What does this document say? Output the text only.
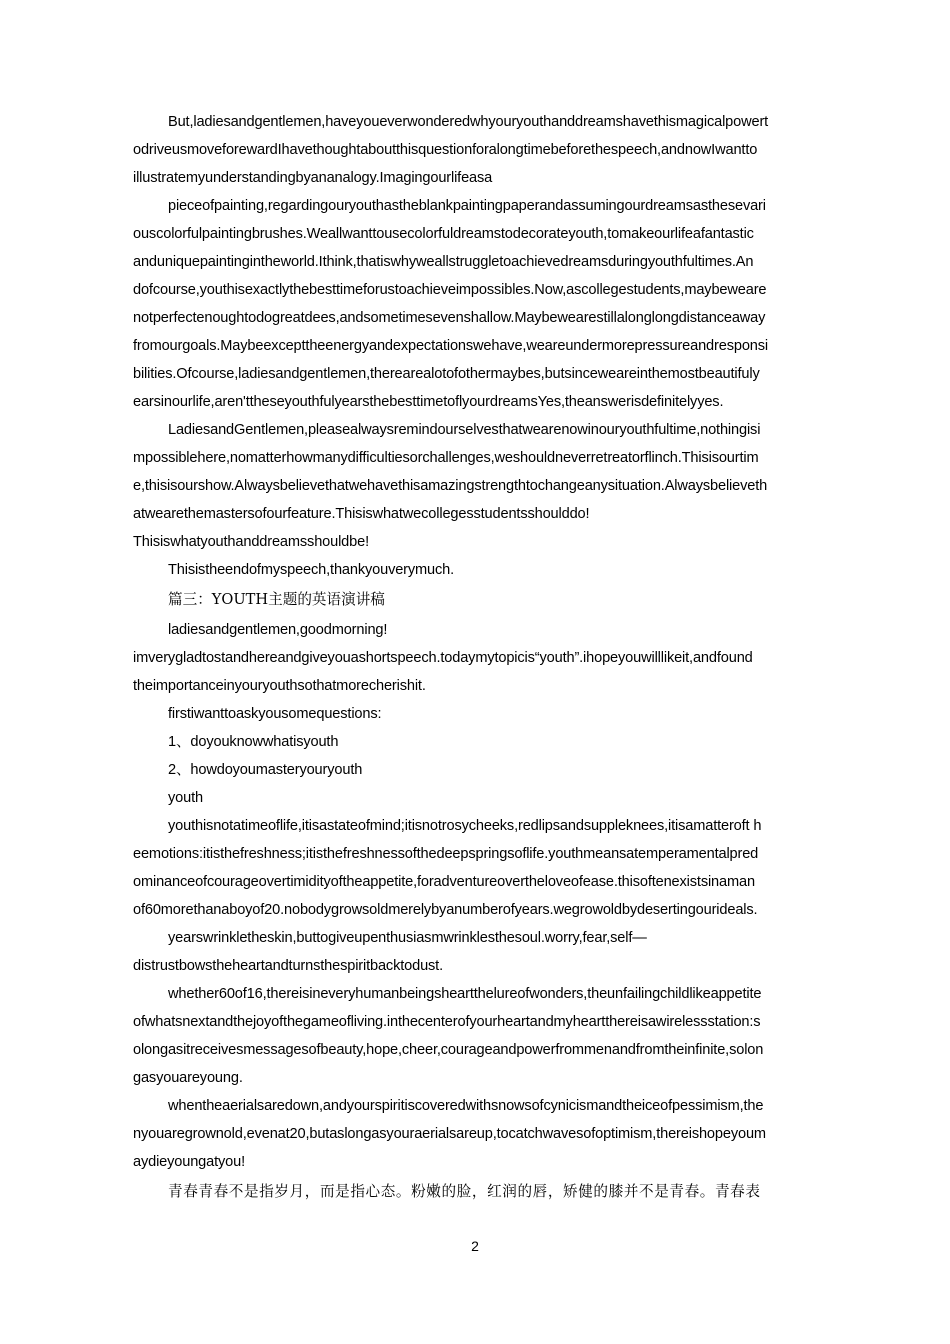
But,ladiesandgentlemen,haveyoueverwonderedwhyouryouthanddreamshavethismagicalpowert
odriveusmoveforewardIhavethoughtaboutthisquestionforalongtimebeforethespeech,andnowIwantto
illustratemyunderstandingbyananalogy.Imagingourlifeasa
pieceofpainting,regardingouryouthastheblankpaintingpaperandassumingourdreamsasthesevari
ouscolorfulpaintingbrushes.Weallwanttousecolorfuldreamstodecorateyouth,tomakeourlifeafantastic
anduniquepaintingintheworld.Ithink,thatiswhyweallstruggletoachievedreamsduringyouthfultimes.An
dofcourse,youthisexactlythebesttimeforustoachieveimpossibles.Now,ascollegestudents,maybeweare
notperfectenoughtodogreatdees,andsometimesevenshallow.Maybewearestillalonglongdistanceaway
fromourgoals.Maybeexcepttheenergyandexpectationswehave,weareundermorepressureandresponsi
bilities.Ofcourse,ladiesandgentlemen,therearealotofothermaybes,butsinceweareinthemostbeautifuly
earsinourlife,aren'ttheseyouthfulyearsthebesttimetoflyourdreamsYes,theanswerisdefinitelyyes.
LadiesandGentlemen,pleasealwaysremindourselvesthatwearenowinouryouthfultime,nothingisi
mpossiblehere,nomatterhowmanydifficultiesorchallenges,weshouldneverretreatorflinch.Thisisourtim
e,thisisourshow.Alwaysbelievethatwehavethisamazingstrengthtochangeanysituation.Alwaysbelieveth
atwearethemastersofourfeature.Thisiswhatwecollegesstudentsshoulddo!
Thisiswhatyouthanddreamsshouldbe!
Thisistheendofmyspeech,thankyouverymuch.
篇三：YOUTH主题的英语演讲稿
ladiesandgentlemen,goodmorning!
imverygladtostandhereandgiveyouashortspeech.todaymytopicis“youth”.ihopeyouwilllikeit,andfound
theimportanceinyouryouthsothatmorecherishit.
firstiwanttoaskyousomequestions:
1、doyouknowwhatisyouth
2、howdoyoumasteryouryouth
youth
youthisnotatimeoflife,itisastateofmind;itisnotrosycheeks,redlipsandsuppleknees,itisamatteroft h
eemotions:itisthefreshness;itisthefreshnessofthedeepspringsoflife.youthmeansatemperamentalpred
ominanceofcourageovertimidityoftheappetite,foradventureovertheloveofease.thisoftenexistsinaman
of60morethanaboyof20.nobodygrowsoldmerelybyanumberofyears.wegrowoldbydesertingourideals.
yearswrinkletheskin,buttogiveupenthusiasmwrinklesthesoul.worry,fear,self—
distrustbowstheheartandturnsthespiritbacktodust.
whether60of16,thereisineveryhumanbeingsheartthelureofwonders,theunfailingchildlikeappetite
ofwhatsnextandthejoyofthegameofliving.inthecenterofyourheartandmyheartthereisawirelessstation:s
olongasitreceivesmessagesofbeauty,hope,cheer,courageandpowerfrommenandfromtheinfinite,solon
gasyouareyoung.
whentheaerialsaredown,andyourspiritiscoveredwithsnowsofcynicismandtheiceofpessimism,the
nyouaregrownold,evenat20,butaslongasyouraerialsareup,tocatchwavesofoptimism,thereishopeyoum
aydieyoungatyou!
青春青春不是指岁月，而是指心态。粉嫩的脸，红润的唇，矫健的膝并不是青春。青春表
2
